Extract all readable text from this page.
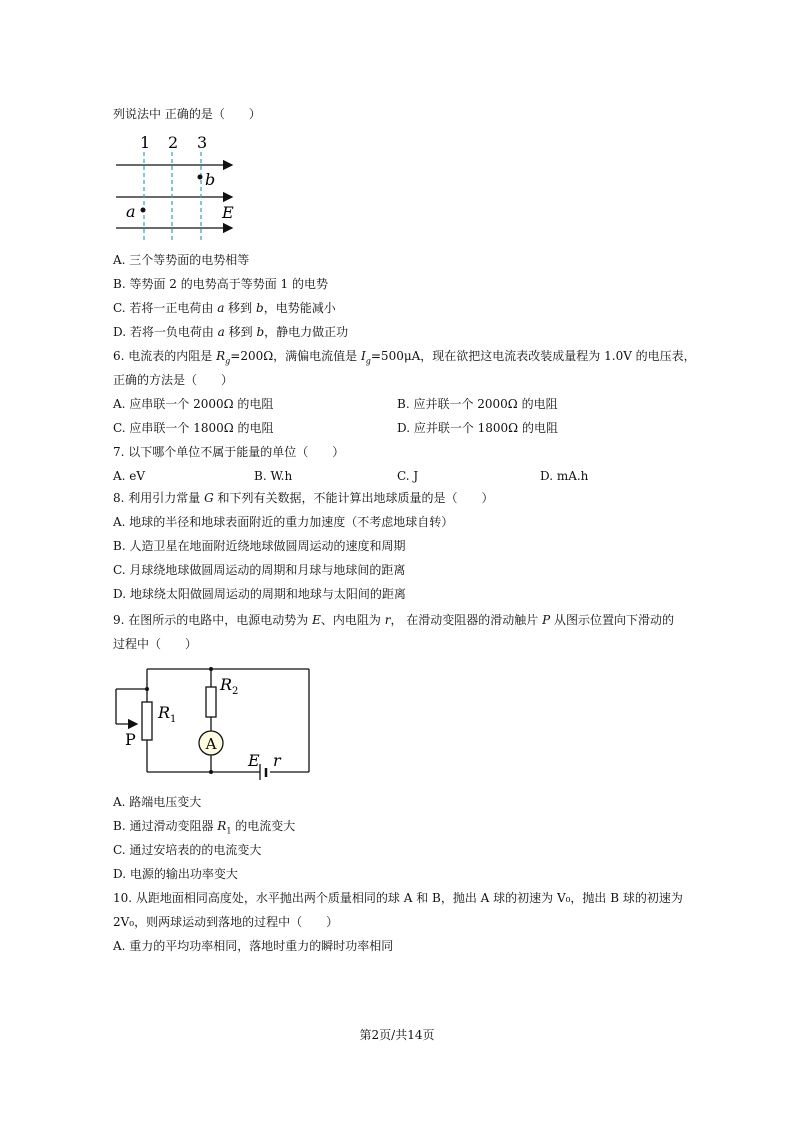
列说法中 正确的是（　　）
1 2 3
a
b
E
A. 三个等势面的电势相等
B. 等势面 2 的电势高于等势面 1 的电势
C. 若将一正电荷由 a 移到 b，电势能减小
D. 若将一负电荷由 a 移到 b，静电力做正功
6. 电流表的内阻是 $R_g=200\Omega$，满偏电流值是 $I_g=500\mu A$，现在欲把这电流表改装成量程为 1.0V 的电压表，
正确的方法是（　　）
A. 应串联一个 2000Ω 的电阻	B. 应并联一个 2000Ω 的电阻
C. 应串联一个 1800Ω 的电阻	D. 应并联一个 1800Ω 的电阻
7. 以下哪个单位不属于能量的单位（　　）
A. eV	B. W.h	C. J	D. mA.h
8. 利用引力常量 G 和下列有关数据，不能计算出地球质量的是（　　）
A. 地球的半径和地球表面附近的重力加速度（不考虑地球自转）
B. 人造卫星在地面附近绕地球做圆周运动的速度和周期
C. 月球绕地球做圆周运动的周期和月球与地球间的距离
D. 地球绕太阳做圆周运动的周期和地球与太阳间的距离
9. 在图所示的电路中，电源电动势为 E、内电阻为 r， 在滑动变阻器的滑动触片 P 从图示位置向下滑动的
过程中（　　）
E r
$R_1$
P
$R_2$
A
A. 路端电压变大
B. 通过滑动变阻器 $R_1$ 的电流变大
C. 通过安培表的的电流变大
D. 电源的输出功率变大
10. 从距地面相同高度处，水平抛出两个质量相同的球 A 和 B，抛出 A 球的初速为 V₀，抛出 B 球的初速为
2V₀，则两球运动到落地的过程中（　　）
A. 重力的平均功率相同，落地时重力的瞬时功率相同
第2页/共14页
